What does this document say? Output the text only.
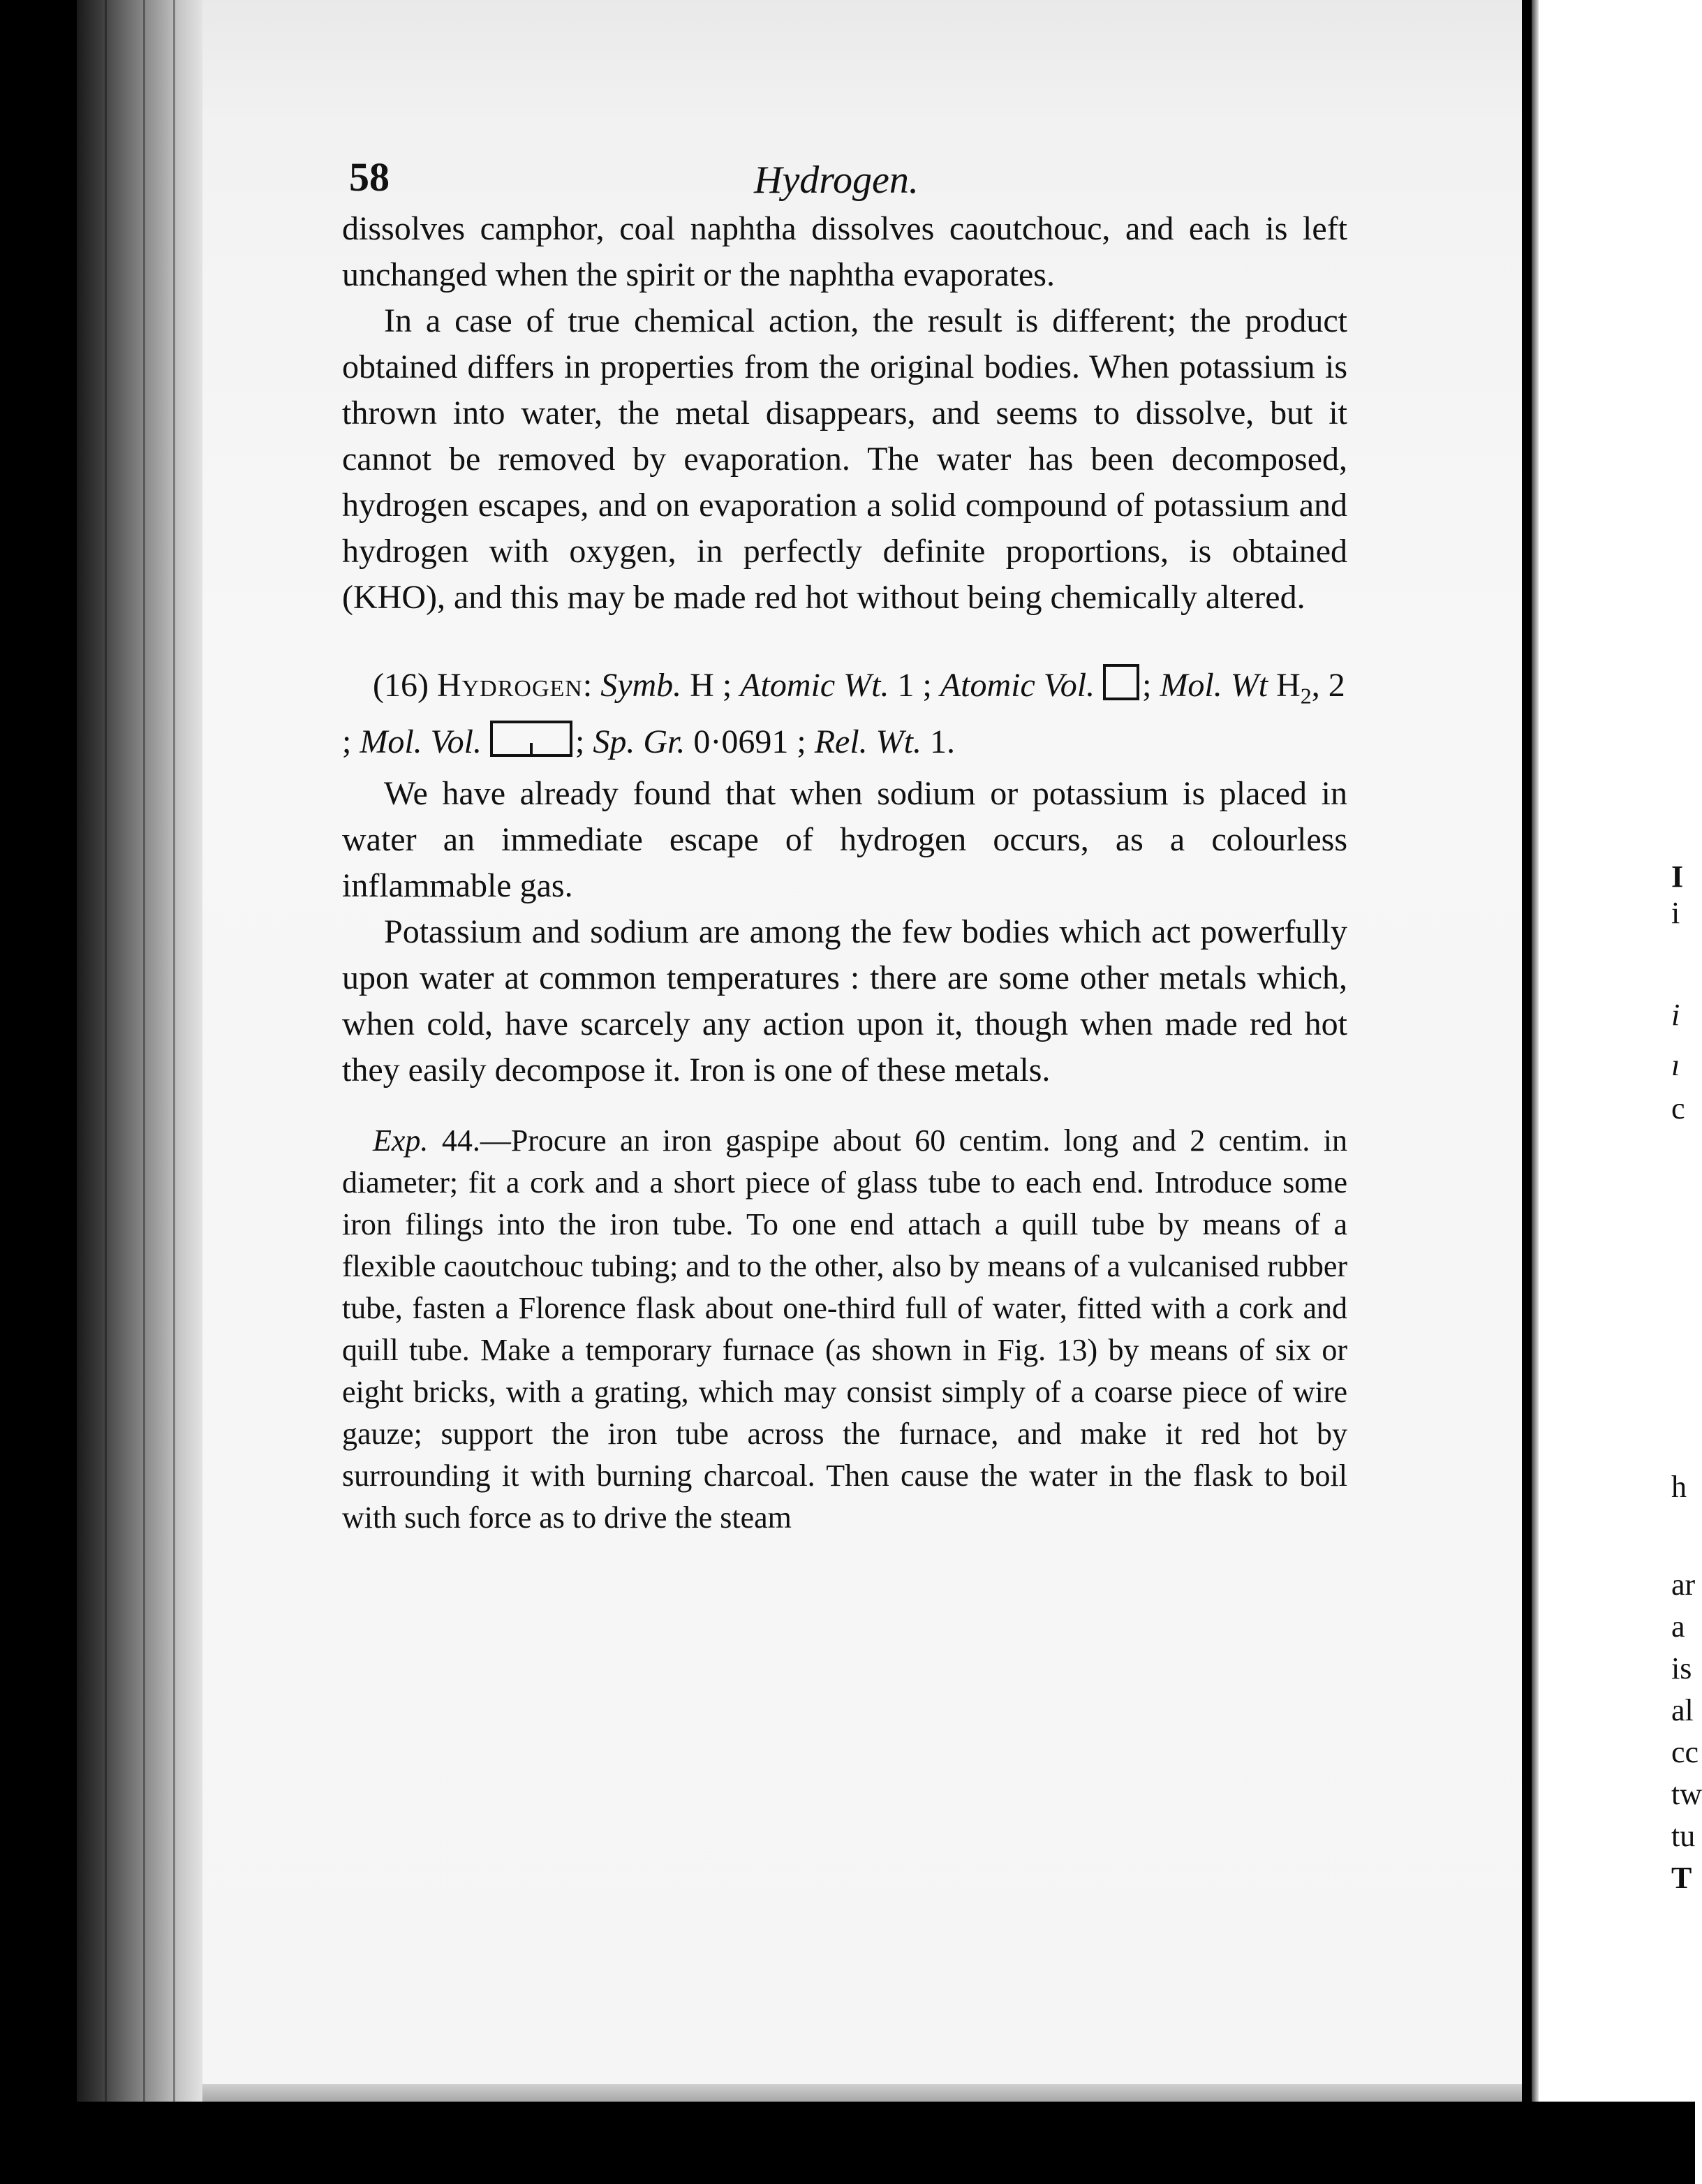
I
i
i
ı
c
h
ar
a
is
al
cc
tw
tu
T
58	Hydrogen.

dissolves camphor, coal naphtha dissolves caoutchouc, and each is left unchanged when the spirit or the naphtha evaporates.

In a case of true chemical action, the result is different; the product obtained differs in properties from the original bodies. When potassium is thrown into water, the metal disappears, and seems to dissolve, but it cannot be removed by evaporation. The water has been decomposed, hydrogen escapes, and on evaporation a solid compound of potassium and hydrogen with oxygen, in perfectly definite proportions, is obtained (KHO), and this may be made red hot without being chemically altered.

(16) Hydrogen: Symb. H ; Atomic Wt. 1 ; Atomic Vol. ; Mol. Wt $H_2$, 2 ; Mol. Vol.	; Sp. Gr. 0·0691 ; Rel. Wt. 1.

We have already found that when sodium or potassium is placed in water an immediate escape of hydrogen occurs, as a colourless inflammable gas.

Potassium and sodium are among the few bodies which act powerfully upon water at common temperatures : there are some other metals which, when cold, have scarcely any action upon it, though when made red hot they easily decompose it. Iron is one of these metals.

Exp. 44.—Procure an iron gaspipe about 60 centim. long and 2 centim. in diameter; fit a cork and a short piece of glass tube to each end. Introduce some iron filings into the iron tube. To one end attach a quill tube by means of a flexible caoutchouc tubing; and to the other, also by means of a vulcanised rubber tube, fasten a Florence flask about one-third full of water, fitted with a cork and quill tube. Make a temporary furnace (as shown in Fig. 13) by means of six or eight bricks, with a grating, which may consist simply of a coarse piece of wire gauze; support the iron tube across the furnace, and make it red hot by surrounding it with burning charcoal. Then cause the water in the flask to boil with such force as to drive the steam
